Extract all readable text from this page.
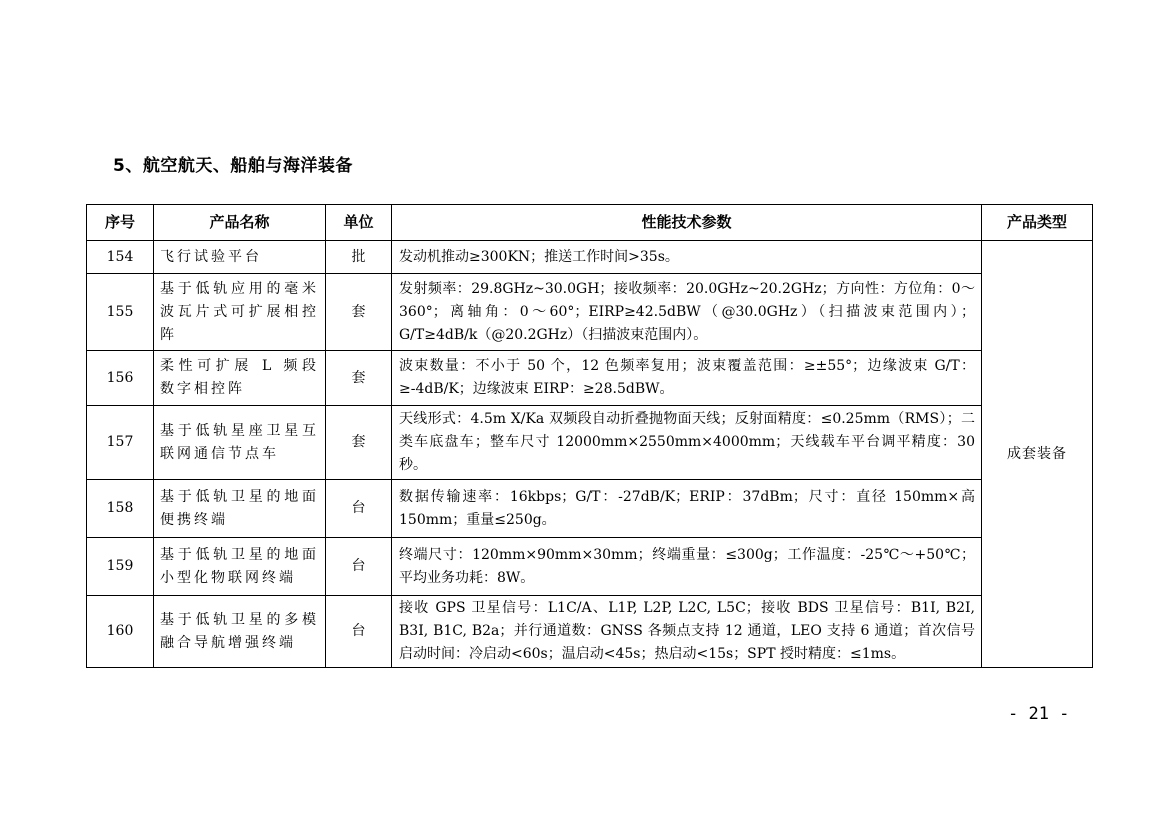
5、航空航天、船舶与海洋装备
序号	产品名称	单位	性能技术参数	产品类型
154	飞行试验平台	批	发动机推动≥300KN；推送工作时间>35s。	成套装备
155	基于低轨应用的毫米波瓦片式可扩展相控阵	套	发射频率：29.8GHz~30.0GH；接收频率：20.0GHz~20.2GHz；方向性：方位角：0～360°；离轴角：0～60°；EIRP≥42.5dBW（@30.0GHz）（扫描波束范围内）；G/T≥4dB/k（@20.2GHz）（扫描波束范围内）。	
156	柔性可扩展 L 频段数字相控阵	套	波束数量：不小于 50 个，12 色频率复用；波束覆盖范围：≥±55°；边缘波束 G/T：≥-4dB/K；边缘波束 EIRP：≥28.5dBW。	
157	基于低轨星座卫星互联网通信节点车	套	天线形式：4.5m X/Ka 双频段自动折叠抛物面天线；反射面精度：≤0.25mm（RMS）；二类车底盘车；整车尺寸 12000mm×2550mm×4000mm；天线载车平台调平精度：30 秒。	
158	基于低轨卫星的地面便携终端	台	数据传输速率：16kbps；G/T：-27dB/K；ERIP：37dBm；尺寸：直径 150mm×高 150mm；重量≤250g。	
159	基于低轨卫星的地面小型化物联网终端	台	终端尺寸：120mm×90mm×30mm；终端重量：≤300g；工作温度：-25℃～+50℃；平均业务功耗：8W。	
160	基于低轨卫星的多模融合导航增强终端	台	接收 GPS 卫星信号：L1C/A、L1P, L2P, L2C, L5C；接收 BDS 卫星信号：B1I, B2I, B3I, B1C, B2a；并行通道数：GNSS 各频点支持 12 通道，LEO 支持 6 通道；首次信号启动时间：冷启动<60s；温启动<45s；热启动<15s；SPT 授时精度：≤1ms。	
- 21 -
